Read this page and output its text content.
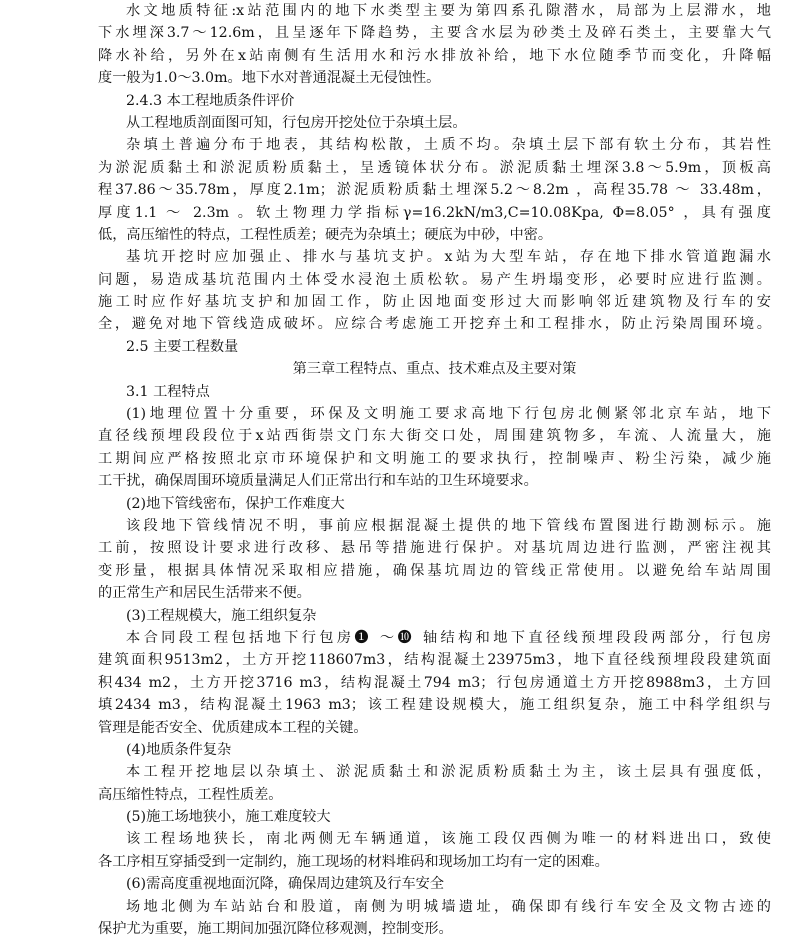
水文地质特征:x站范围内的地下水类型主要为第四系孔隙潜水，局部为上层滞水，地
下水埋深3.7～12.6m，且呈逐年下降趋势，主要含水层为砂类土及碎石类土，主要靠大气
降水补给，另外在x站南侧有生活用水和污水排放补给，地下水位随季节而变化，升降幅
度一般为1.0～3.0m。地下水对普通混凝土无侵蚀性。
2.4.3 本工程地质条件评价
从工程地质剖面图可知，行包房开挖处位于杂填土层。
杂填土普遍分布于地表，其结构松散，土质不均。杂填土层下部有软土分布，其岩性
为淤泥质黏土和淤泥质粉质黏土，呈透镜体状分布。淤泥质黏土埋深3.8～5.9m，顶板高
程37.86～35.78m，厚度2.1m；淤泥质粉质黏土埋深5.2～8.2m ，高程35.78 ～ 33.48m，
厚度1.1 ～ 2.3m 。软土物理力学指标γ=16.2kN/m3,C=10.08Kpa, Φ=8.05° ，具有强度
低，高压缩性的特点，工程性质差；硬壳为杂填土；硬底为中砂，中密。
基坑开挖时应加强止、排水与基坑支护。x站为大型车站，存在地下排水管道跑漏水
问题，易造成基坑范围内土体受水浸泡土质松软。易产生坍塌变形，必要时应进行监测。
施工时应作好基坑支护和加固工作，防止因地面变形过大而影响邻近建筑物及行车的安
全，避免对地下管线造成破坏。应综合考虑施工开挖弃土和工程排水，防止污染周围环境。
2.5 主要工程数量
第三章工程特点、重点、技术难点及主要对策
3.1 工程特点
(1)地理位置十分重要，环保及文明施工要求高地下行包房北侧紧邻北京车站，地下
直径线预埋段段位于x站西街崇文门东大街交口处，周围建筑物多，车流、人流量大，施
工期间应严格按照北京市环境保护和文明施工的要求执行，控制噪声、粉尘污染，减少施
工干扰，确保周围环境质量满足人们正常出行和车站的卫生环境要求。
(2)地下管线密布，保护工作难度大
该段地下管线情况不明，事前应根据混凝土提供的地下管线布置图进行勘测标示。施
工前，按照设计要求进行改移、悬吊等措施进行保护。对基坑周边进行监测，严密注视其
变形量，根据具体情况采取相应措施，确保基坑周边的管线正常使用。以避免给车站周围
的正常生产和居民生活带来不便。
(3)工程规模大，施工组织复杂
本合同段工程包括地下行包房❶ ～❿ 轴结构和地下直径线预埋段段两部分，行包房
建筑面积9513m2，土方开挖118607m3，结构混凝土23975m3，地下直径线预埋段段建筑面
积434 m2，土方开挖3716 m3，结构混凝土794 m3；行包房通道土方开挖8988m3，土方回
填2434 m3，结构混凝土1963 m3；该工程建设规模大，施工组织复杂，施工中科学组织与
管理是能否安全、优质建成本工程的关键。
(4)地质条件复杂
本工程开挖地层以杂填土、淤泥质黏土和淤泥质粉质黏土为主，该土层具有强度低，
高压缩性特点，工程性质差。
(5)施工场地狭小，施工难度较大
该工程场地狭长，南北两侧无车辆通道，该施工段仅西侧为唯一的材料进出口，致使
各工序相互穿插受到一定制约，施工现场的材料堆码和现场加工均有一定的困难。
(6)需高度重视地面沉降，确保周边建筑及行车安全
场地北侧为车站站台和股道，南侧为明城墙遗址，确保即有线行车安全及文物古迹的
保护尤为重要，施工期间加强沉降位移观测，控制变形。
